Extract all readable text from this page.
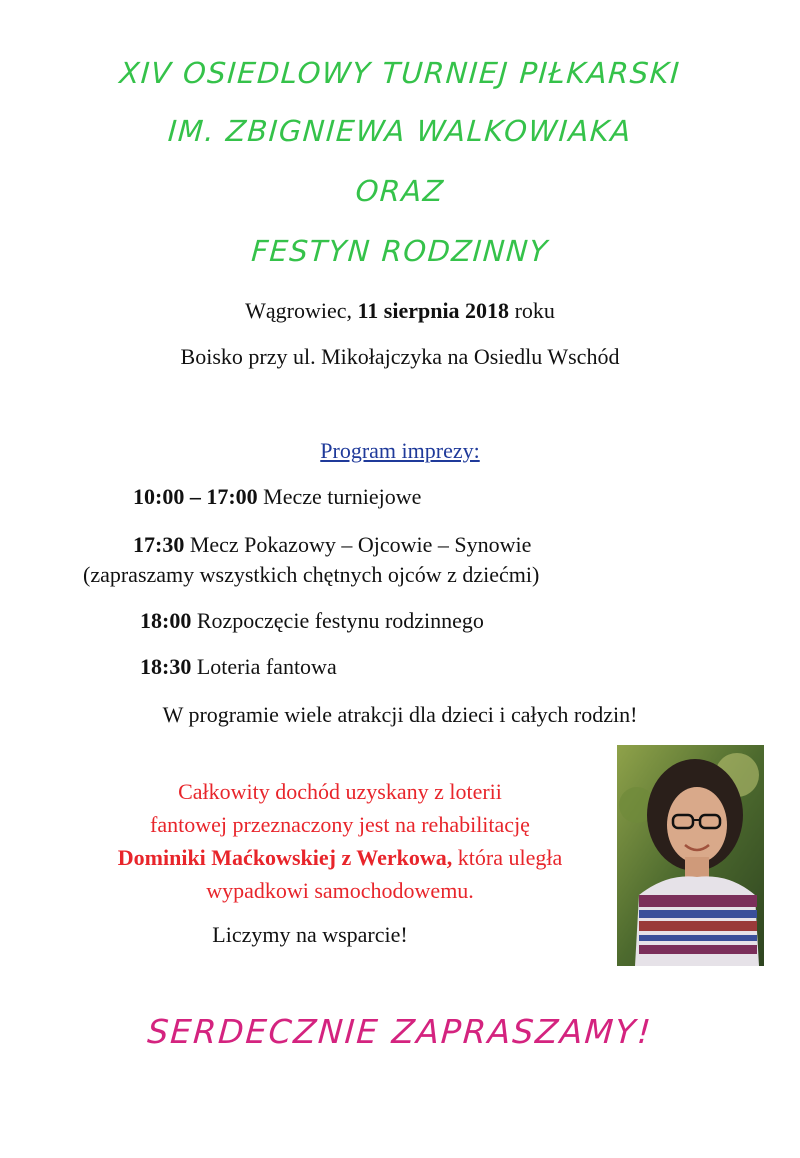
XIV OSIEDLOWY TURNIEJ PIŁKARSKI
IM. ZBIGNIEWA WALKOWIAKA
ORAZ
FESTYN RODZINNY
Wągrowiec, 11 sierpnia 2018 roku
Boisko przy ul. Mikołajczyka na Osiedlu Wschód
Program imprezy:
10:00 – 17:00 Mecze turniejowe
17:30 Mecz Pokazowy – Ojcowie – Synowie
(zapraszamy wszystkich chętnych ojców z dziećmi)
18:00 Rozpoczęcie festynu rodzinnego
18:30 Loteria fantowa
W programie wiele atrakcji dla dzieci i całych rodzin!
Całkowity dochód uzyskany z loterii
fantowej przeznaczony jest na rehabilitację
Dominiki Maćkowskiej z Werkowa, która uległa
wypadkowi samochodowemu.
Liczymy na wsparcie!
SERDECZNIE ZAPRASZAMY!
